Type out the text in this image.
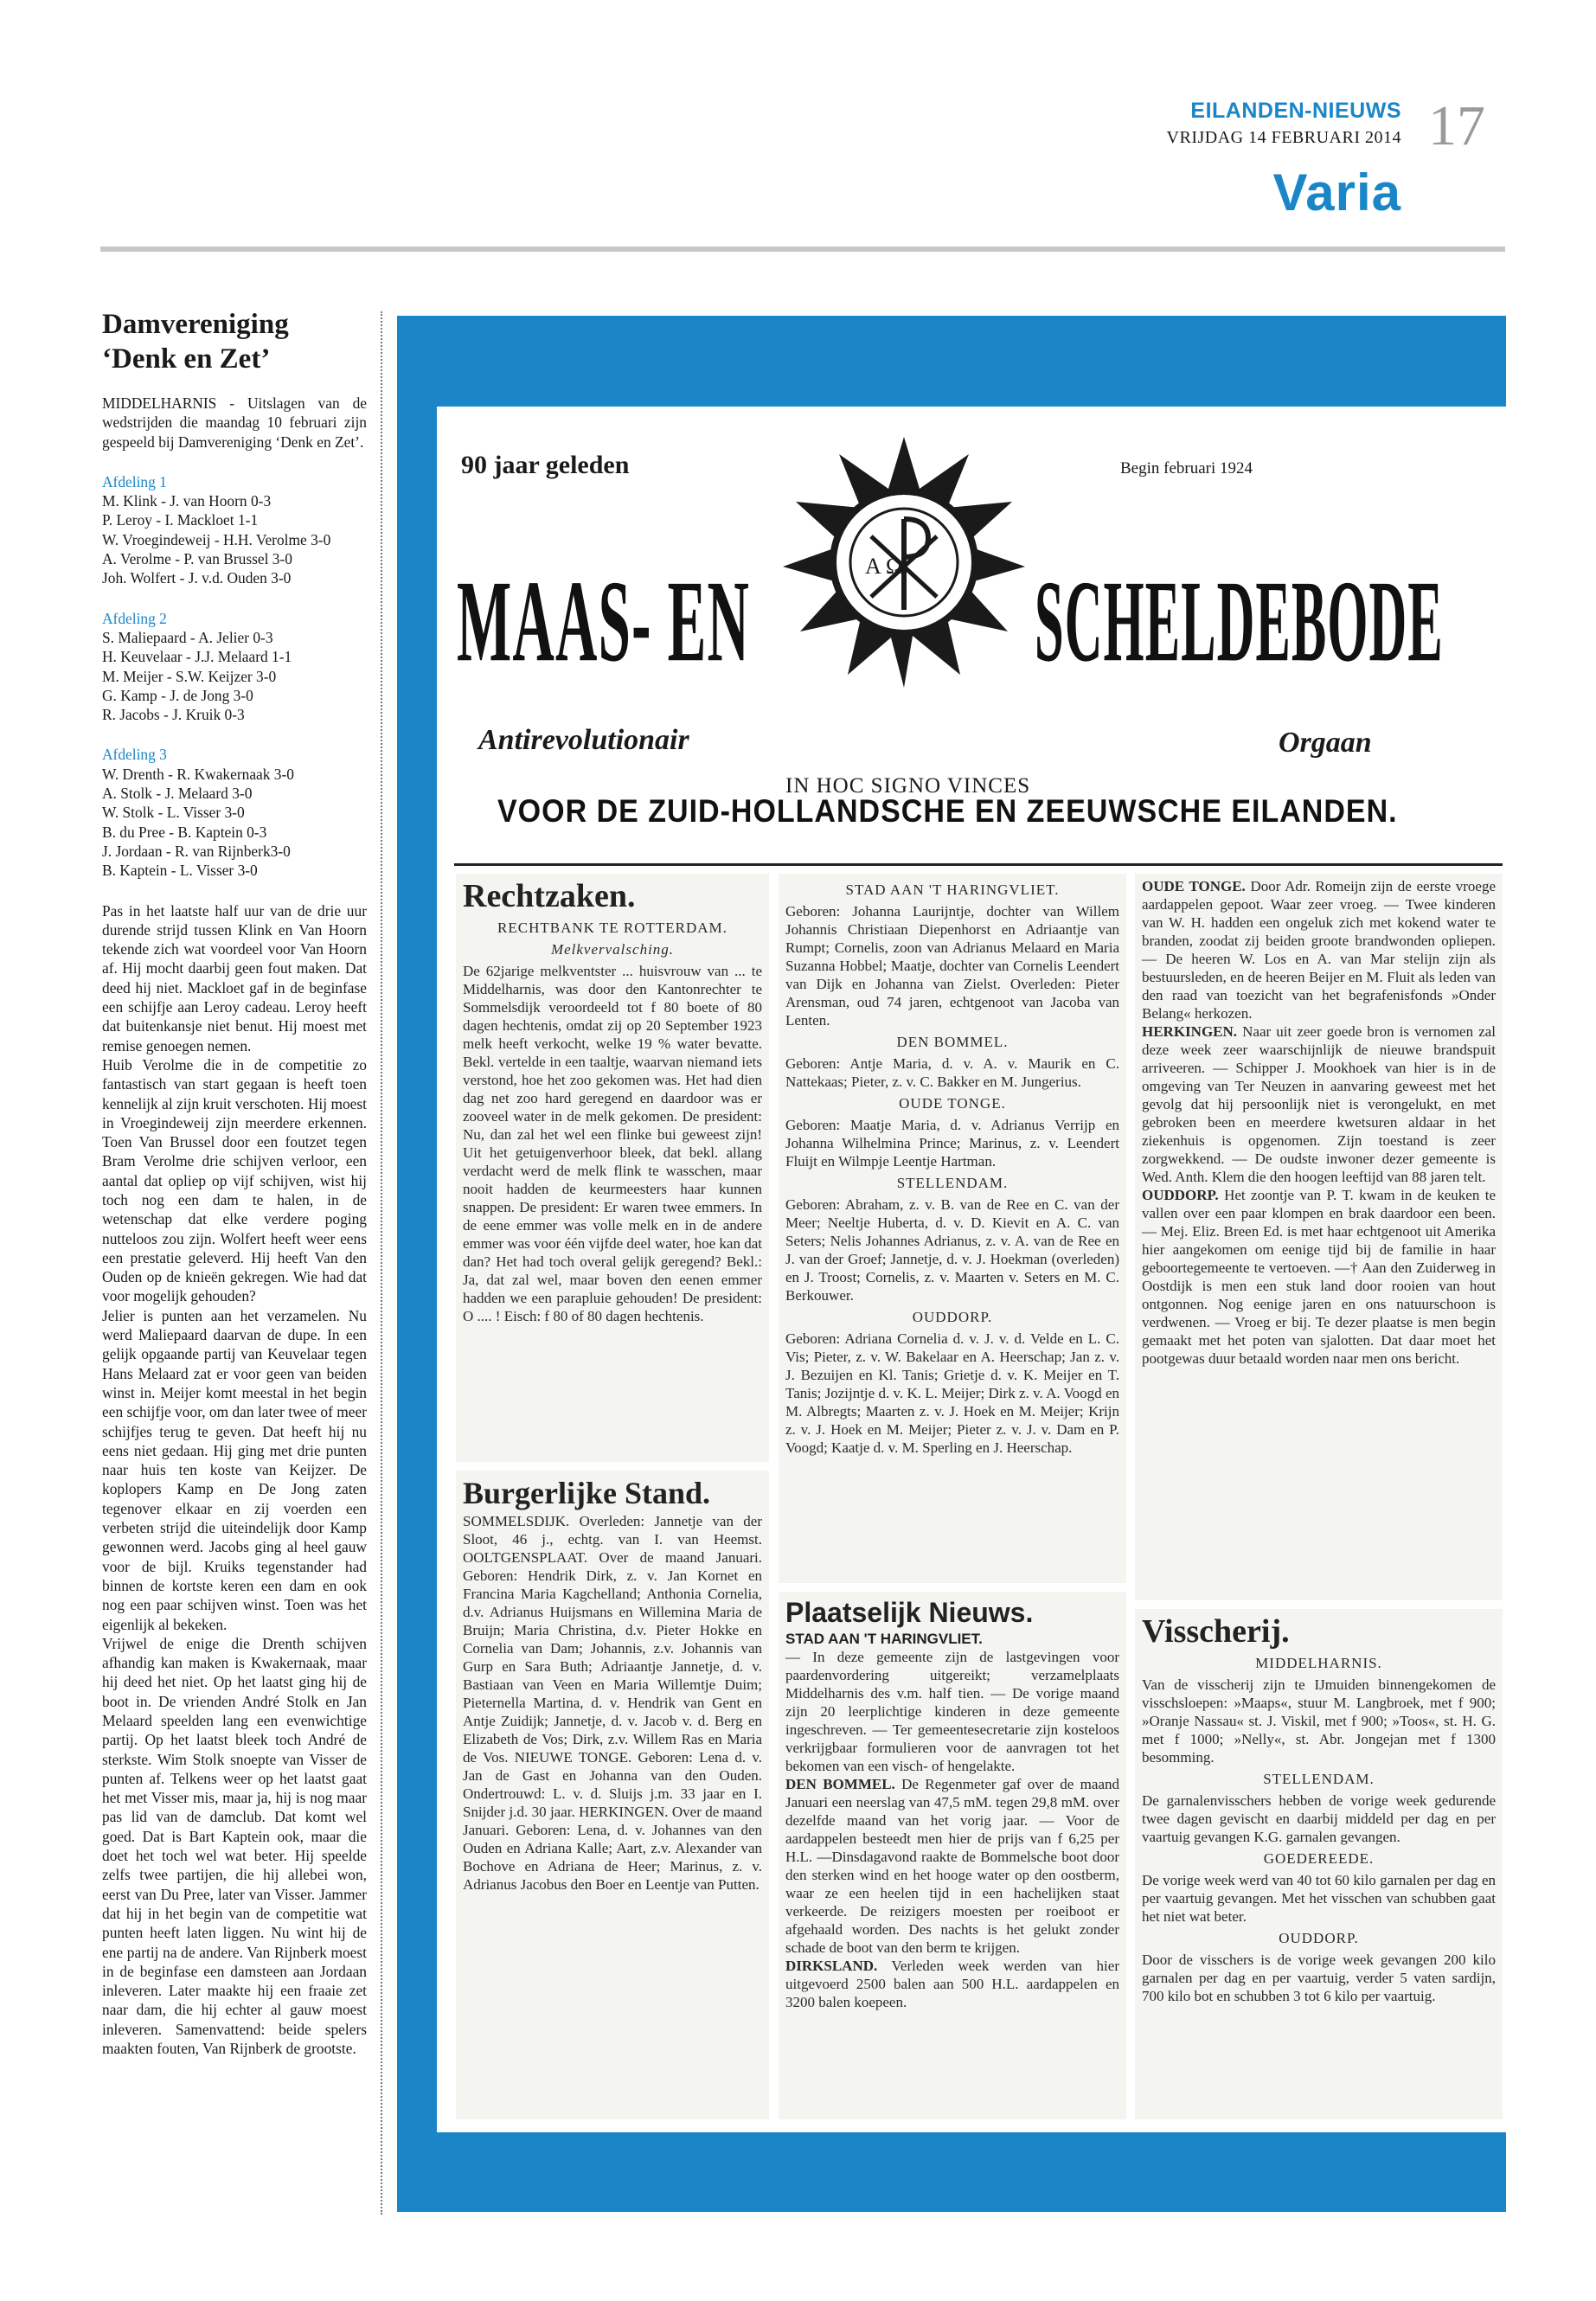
EILANDEN-NIEUWS
VRIJDAG 14 FEBRUARI 2014 17
Varia
Damvereniging
‘Denk en Zet’
MIDDELHARNIS - Uitslagen van de wedstrijden die maandag 10 februari zijn gespeeld bij Damvereniging ‘Denk en Zet’.
Afdeling 1
M. Klink - J. van Hoorn 0-3
P. Leroy - I. Mackloet 1-1
W. Vroegindeweij - H.H. Verolme 3-0
A. Verolme - P. van Brussel 3-0
Joh. Wolfert - J. v.d. Ouden 3-0
Afdeling 2
S. Maliepaard - A. Jelier 0-3
H. Keuvelaar - J.J. Melaard 1-1
M. Meijer - S.W. Keijzer 3-0
G. Kamp - J. de Jong 3-0
R. Jacobs - J. Kruik 0-3
Afdeling 3
W. Drenth - R. Kwakernaak 3-0
A. Stolk - J. Melaard 3-0
W. Stolk - L. Visser 3-0
B. du Pree - B. Kaptein 0-3
J. Jordaan - R. van Rijnberk3-0
B. Kaptein - L. Visser 3-0

Pas in het laatste half uur van de drie uur durende strijd tussen Klink en Van Hoorn tekende zich wat voordeel voor Van Hoorn af. Hij mocht daarbij geen fout maken. Dat deed hij niet. Mackloet gaf in de beginfase een schijfje aan Leroy cadeau. Leroy heeft dat buitenkansje niet benut. Hij moest met remise genoegen nemen.

Huib Verolme die in de competitie zo fantastisch van start gegaan is heeft toen kennelijk al zijn kruit verschoten. Hij moest in Vroegindeweij zijn meerdere erkennen. Toen Van Brussel door een foutzet tegen Bram Verolme drie schijven verloor, een aantal dat opliep op vijf schijven, wist hij toch nog een dam te halen, in de wetenschap dat elke verdere poging nutteloos zou zijn. Wolfert heeft weer eens een prestatie geleverd. Hij heeft Van den Ouden op de knieën gekregen. Wie had dat voor mogelijk gehouden?

Jelier is punten aan het verzamelen. Nu werd Maliepaard daarvan de dupe. In een gelijk opgaande partij van Keuvelaar tegen Hans Melaard zat er voor geen van beiden winst in. Meijer komt meestal in het begin een schijfje voor, om dan later twee of meer schijfjes terug te geven. Dat heeft hij nu eens niet gedaan. Hij ging met drie punten naar huis ten koste van Keijzer. De koplopers Kamp en De Jong zaten tegenover elkaar en zij voerden een verbeten strijd die uiteindelijk door Kamp gewonnen werd. Jacobs ging al heel gauw voor de bijl. Kruiks tegenstander had binnen de kortste keren een dam en ook nog een paar schijven winst. Toen was het eigenlijk al bekeken.

Vrijwel de enige die Drenth schijven afhandig kan maken is Kwakernaak, maar hij deed het niet. Op het laatst ging hij de boot in. De vrienden André Stolk en Jan Melaard speelden lang een evenwichtige partij. Op het laatst bleek toch André de sterkste. Wim Stolk snoepte van Visser de punten af. Telkens weer op het laatst gaat het met Visser mis, maar ja, hij is nog maar pas lid van de damclub. Dat komt wel goed. Dat is Bart Kaptein ook, maar die doet het toch wel wat beter. Hij speelde zelfs twee partijen, die hij allebei won, eerst van Du Pree, later van Visser. Jammer dat hij in het begin van de competitie wat punten heeft laten liggen. Nu wint hij de ene partij na de andere. Van Rijnberk moest in de beginfase een damsteen aan Jordaan inleveren. Later maakte hij een fraaie zet naar dam, die hij echter al gauw moest inleveren. Samenvattend: beide spelers maakten fouten, Van Rijnberk de grootste.

90 jaar geleden	Begin februari 1924
Α Ω
MAAS- EN	SCHELDEBODE
Antirevolutionair	Orgaan
IN HOC SIGNO VINCES
VOOR DE ZUID-HOLLANDSCHE EN ZEEUWSCHE EILANDEN.
Rechtzaken.
RECHTBANK TE ROTTERDAM.
Melkvervalsching.

De 62jarige melkventster ... huisvrouw van ... te Middelharnis, was door den Kantonrechter te Sommelsdijk veroordeeld tot f 80 boete of 80 dagen hechtenis, omdat zij op 20 September 1923 melk heeft verkocht, welke 19 % water bevatte. Bekl. vertelde in een taaltje, waarvan niemand iets verstond, hoe het zoo gekomen was. Het had dien dag net zoo hard geregend en daardoor was er zooveel water in de melk gekomen. De president: Nu, dan zal het wel een flinke bui geweest zijn! Uit het getuigenverhoor bleek, dat bekl. allang verdacht werd de melk flink te wasschen, maar nooit hadden de keurmeesters haar kunnen snappen. De president: Er waren twee emmers. In de eene emmer was volle melk en in de andere emmer was voor één vijfde deel water, hoe kan dat dan? Het had toch overal gelijk geregend? Bekl.: Ja, dat zal wel, maar boven den eenen emmer hadden we een parapluie gehouden! De president: O .... ! Eisch: f 80 of 80 dagen hechtenis.

Burgerlijke Stand.

SOMMELSDIJK. Overleden: Jannetje van der Sloot, 46 j., echtg. van I. van Heemst. OOLTGENSPLAAT. Over de maand Januari. Geboren: Hendrik Dirk, z. v. Jan Kornet en Francina Maria Kagchelland; Anthonia Cornelia, d.v. Adrianus Huijsmans en Willemina Maria de Bruijn; Maria Christina, d.v. Pieter Hokke en Cornelia van Dam; Johannis, z.v. Johannis van Gurp en Sara Buth; Adriaantje Jannetje, d. v. Bastiaan van Veen en Maria Willemtje Duim; Pieternella Martina, d. v. Hendrik van Gent en Antje Zuidijk; Jannetje, d. v. Jacob v. d. Berg en Elizabeth de Vos; Dirk, z.v. Willem Ras en Maria de Vos. NIEUWE TONGE. Geboren: Lena d. v. Jan de Gast en Johanna van den Ouden. Ondertrouwd: L. v. d. Sluijs j.m. 33 jaar en I. Snijder j.d. 30 jaar. HERKINGEN. Over de maand Januari. Geboren: Lena, d. v. Johannes van den Ouden en Adriana Kalle; Aart, z.v. Alexander van Bochove en Adriana de Heer; Marinus, z. v. Adrianus Jacobus den Boer en Leentje van Putten.

STAD AAN 'T HARINGVLIET.

Geboren: Johanna Laurijntje, dochter van Willem Johannis Christiaan Diepenhorst en Adriaantje van Rumpt; Cornelis, zoon van Adrianus Melaard en Maria Suzanna Hobbel; Maatje, dochter van Cornelis Leendert van Dijk en Johanna van Zielst. Overleden: Pieter Arensman, oud 74 jaren, echtgenoot van Jacoba van Lenten.

DEN BOMMEL.

Geboren: Antje Maria, d. v. A. v. Maurik en C. Nattekaas; Pieter, z. v. C. Bakker en M. Jungerius.

OUDE TONGE.

Geboren: Maatje Maria, d. v. Adrianus Verrijp en Johanna Wilhelmina Prince; Marinus, z. v. Leendert Fluijt en Wilmpje Leentje Hartman.

STELLENDAM.

Geboren: Abraham, z. v. B. van de Ree en C. van der Meer; Neeltje Huberta, d. v. D. Kievit en A. C. van Seters; Nelis Johannes Adrianus, z. v. A. van de Ree en J. van der Groef; Jannetje, d. v. J. Hoekman (overleden) en J. Troost; Cornelis, z. v. Maarten v. Seters en M. C. Berkouwer.

OUDDORP.

Geboren: Adriana Cornelia d. v. J. v. d. Velde en L. C. Vis; Pieter, z. v. W. Bakelaar en A. Heerschap; Jan z. v. J. Bezuijen en Kl. Tanis; Grietje d. v. K. Meijer en T. Tanis; Jozijntje d. v. K. L. Meijer; Dirk z. v. A. Voogd en M. Albregts; Maarten z. v. J. Hoek en M. Meijer; Krijn z. v. J. Hoek en M. Meijer; Pieter z. v. J. v. Dam en P. Voogd; Kaatje d. v. M. Sperling en J. Heerschap.

Plaatselijk Nieuws.
STAD AAN 'T HARINGVLIET.

— In deze gemeente zijn de lastgevingen voor paardenvordering uitgereikt; verzamelplaats Middelharnis des v.m. half tien. — De vorige maand zijn 20 leerplichtige kinderen in deze gemeente ingeschreven. — Ter gemeentesecretarie zijn kosteloos verkrijgbaar formulieren voor de aanvragen tot het bekomen van een visch- of hengelakte.

DEN BOMMEL. De Regenmeter gaf over de maand Januari een neerslag van 47,5 mM. tegen 29,8 mM. over dezelfde maand van het vorig jaar. — Voor de aardappelen besteedt men hier de prijs van f 6,25 per H.L. —Dinsdagavond raakte de Bommelsche boot door den sterken wind en het hooge water op den oostberm, waar ze een heelen tijd in een hachelijken staat verkeerde. De reizigers moesten per roeiboot er afgehaald worden. Des nachts is het gelukt zonder schade de boot van den berm te krijgen.

DIRKSLAND. Verleden week werden van hier uitgevoerd 2500 balen aan 500 H.L. aardappelen en 3200 balen koepeen.

OUDE TONGE. Door Adr. Romeijn zijn de eerste vroege aardappelen gepoot. Waar zeer vroeg. — Twee kinderen van W. H. hadden een ongeluk zich met kokend water te branden, zoodat zij beiden groote brandwonden opliepen. — De heeren W. Los en A. van Mar stelijn zijn als bestuursleden, en de heeren Beijer en M. Fluit als leden van den raad van toezicht van het begrafenisfonds »Onder Belang« herkozen.

HERKINGEN. Naar uit zeer goede bron is vernomen zal deze week zeer waarschijnlijk de nieuwe brandspuit arriveeren. — Schipper J. Mookhoek van hier is in de omgeving van Ter Neuzen in aanvaring geweest met het gevolg dat hij persoonlijk niet is verongelukt, en met gebroken been en meerdere kwetsuren aldaar in het ziekenhuis is opgenomen. Zijn toestand is zeer zorgwekkend. — De oudste inwoner dezer gemeente is Wed. Anth. Klem die den hoogen leeftijd van 88 jaren telt.

OUDDORP. Het zoontje van P. T. kwam in de keuken te vallen over een paar klompen en brak daardoor een been. — Mej. Eliz. Breen Ed. is met haar echtgenoot uit Amerika hier aangekomen om eenige tijd bij de familie in haar geboortegemeente te vertoeven. —† Aan den Zuiderweg in Oostdijk is men een stuk land door rooien van hout ontgonnen. Nog eenige jaren en ons natuurschoon is verdwenen. — Vroeg er bij. Te dezer plaatse is men begin gemaakt met het poten van sjalotten. Dat daar moet het pootgewas duur betaald worden naar men ons bericht.

Visscherij.
MIDDELHARNIS.

Van de visscherij zijn te IJmuiden binnengekomen de visschsloepen: »Maaps«, stuur M. Langbroek, met f 900; »Oranje Nassau« st. J. Viskil, met f 900; »Toos«, st. H. G. met f 1000; »Nelly«, st. Abr. Jongejan met f 1300 besomming.

STELLENDAM.

De garnalenvisschers hebben de vorige week gedurende twee dagen gevischt en daarbij middeld per dag en per vaartuig gevangen K.G. garnalen gevangen.

GOEDEREEDE.

De vorige week werd van 40 tot 60 kilo garnalen per dag en per vaartuig gevangen. Met het visschen van schubben gaat het niet wat beter.

OUDDORP.

Door de visschers is de vorige week gevangen 200 kilo garnalen per dag en per vaartuig, verder 5 vaten sardijn, 700 kilo bot en schubben 3 tot 6 kilo per vaartuig.
